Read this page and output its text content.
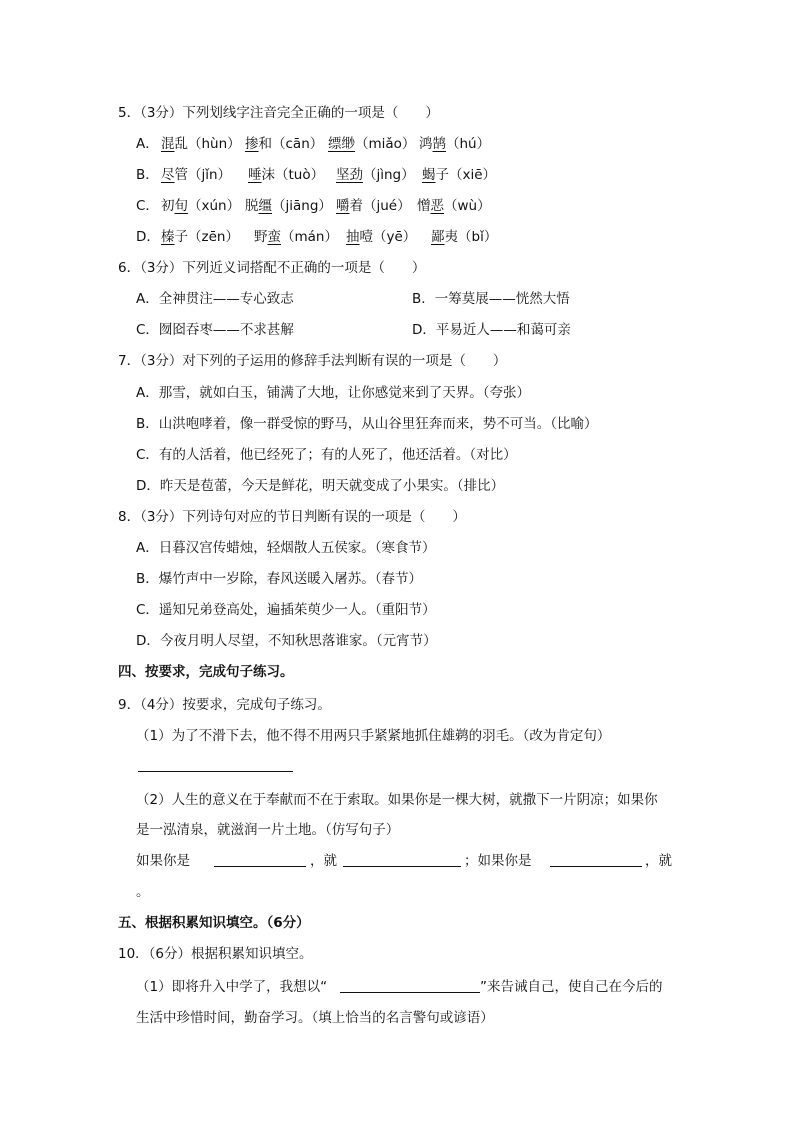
5．（3分）下列划线字注音完全正确的一项是（　　）
A． 混乱（hùn） 掺和（cān） 缥缈（miǎo） 鸿鹄（hú）
B． 尽管（jǐn） 唾沫（tuò） 坚劲（jìng） 蝎子（xiē）
C． 初旬（xún） 脱缰（jiāng） 嚼着（jué） 憎恶（wù）
D． 榛子（zēn） 野蛮（mán） 抽噎（yē） 鄙夷（bǐ）
6．（3分）下列近义词搭配不正确的一项是（　　）
A．全神贯注——专心致志	B．一筹莫展——恍然大悟
C．囫囵吞枣——不求甚解	D．平易近人——和蔼可亲
7．（3分）对下列的子运用的修辞手法判断有误的一项是（　　）
A．那雪，就如白玉，铺满了大地，让你感觉来到了天界。（夸张）
B．山洪咆哮着，像一群受惊的野马，从山谷里狂奔而来，势不可当。（比喻）
C．有的人活着，他已经死了；有的人死了，他还活着。（对比）
D．昨天是苞蕾，今天是鲜花，明天就变成了小果实。（排比）
8．（3分）下列诗句对应的节日判断有误的一项是（　　）
A．日暮汉宫传蜡烛，轻烟散人五侯家。（寒食节）
B．爆竹声中一岁除，春风送暖入屠苏。（春节）
C．遥知兄弟登高处，遍插茱萸少一人。（重阳节）
D．今夜月明人尽望，不知秋思落谁家。（元宵节）
四、按要求，完成句子练习。
9．（4分）按要求，完成句子练习。
（1）为了不滑下去，他不得不用两只手紧紧地抓住雄鹈的羽毛。（改为肯定句）
（2）人生的意义在于奉献而不在于索取。如果你是一棵大树，就撒下一片阴凉；如果你
是一泓清泉，就滋润一片土地。（仿写句子）
如果你是	，就	；如果你是	，就
。
五、根据积累知识填空。（6分）
10．（6分）根据积累知识填空。
（1）即将升入中学了，我想以“	”来告诫自己，使自己在今后的
生活中珍惜时间，勤奋学习。（填上恰当的名言警句或谚语）
